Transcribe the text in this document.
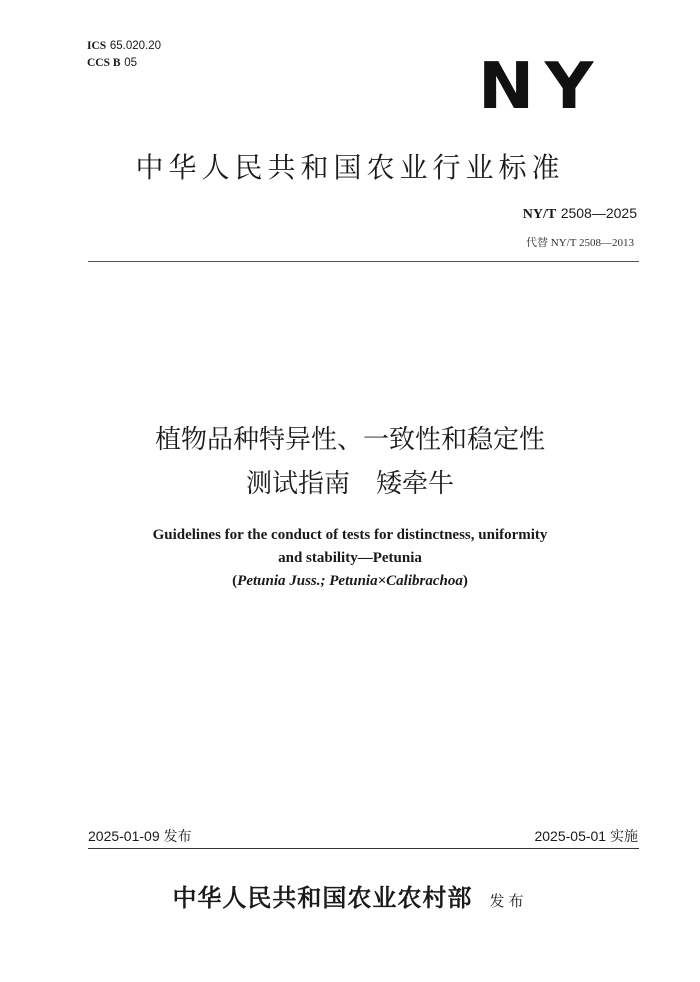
ICS 65.020.20
CCS B 05	NY
中华人民共和国农业行业标准
NY/T 2508—2025
代替 NY/T 2508—2013
植物品种特异性、一致性和稳定性
测试指南　矮牵牛
Guidelines for the conduct of tests for distinctness, uniformity
and stability—Petunia
(Petunia Juss.; Petunia×Calibrachoa)
2025-01-09 发布	2025-05-01 实施
中华人民共和国农业农村部 发布
